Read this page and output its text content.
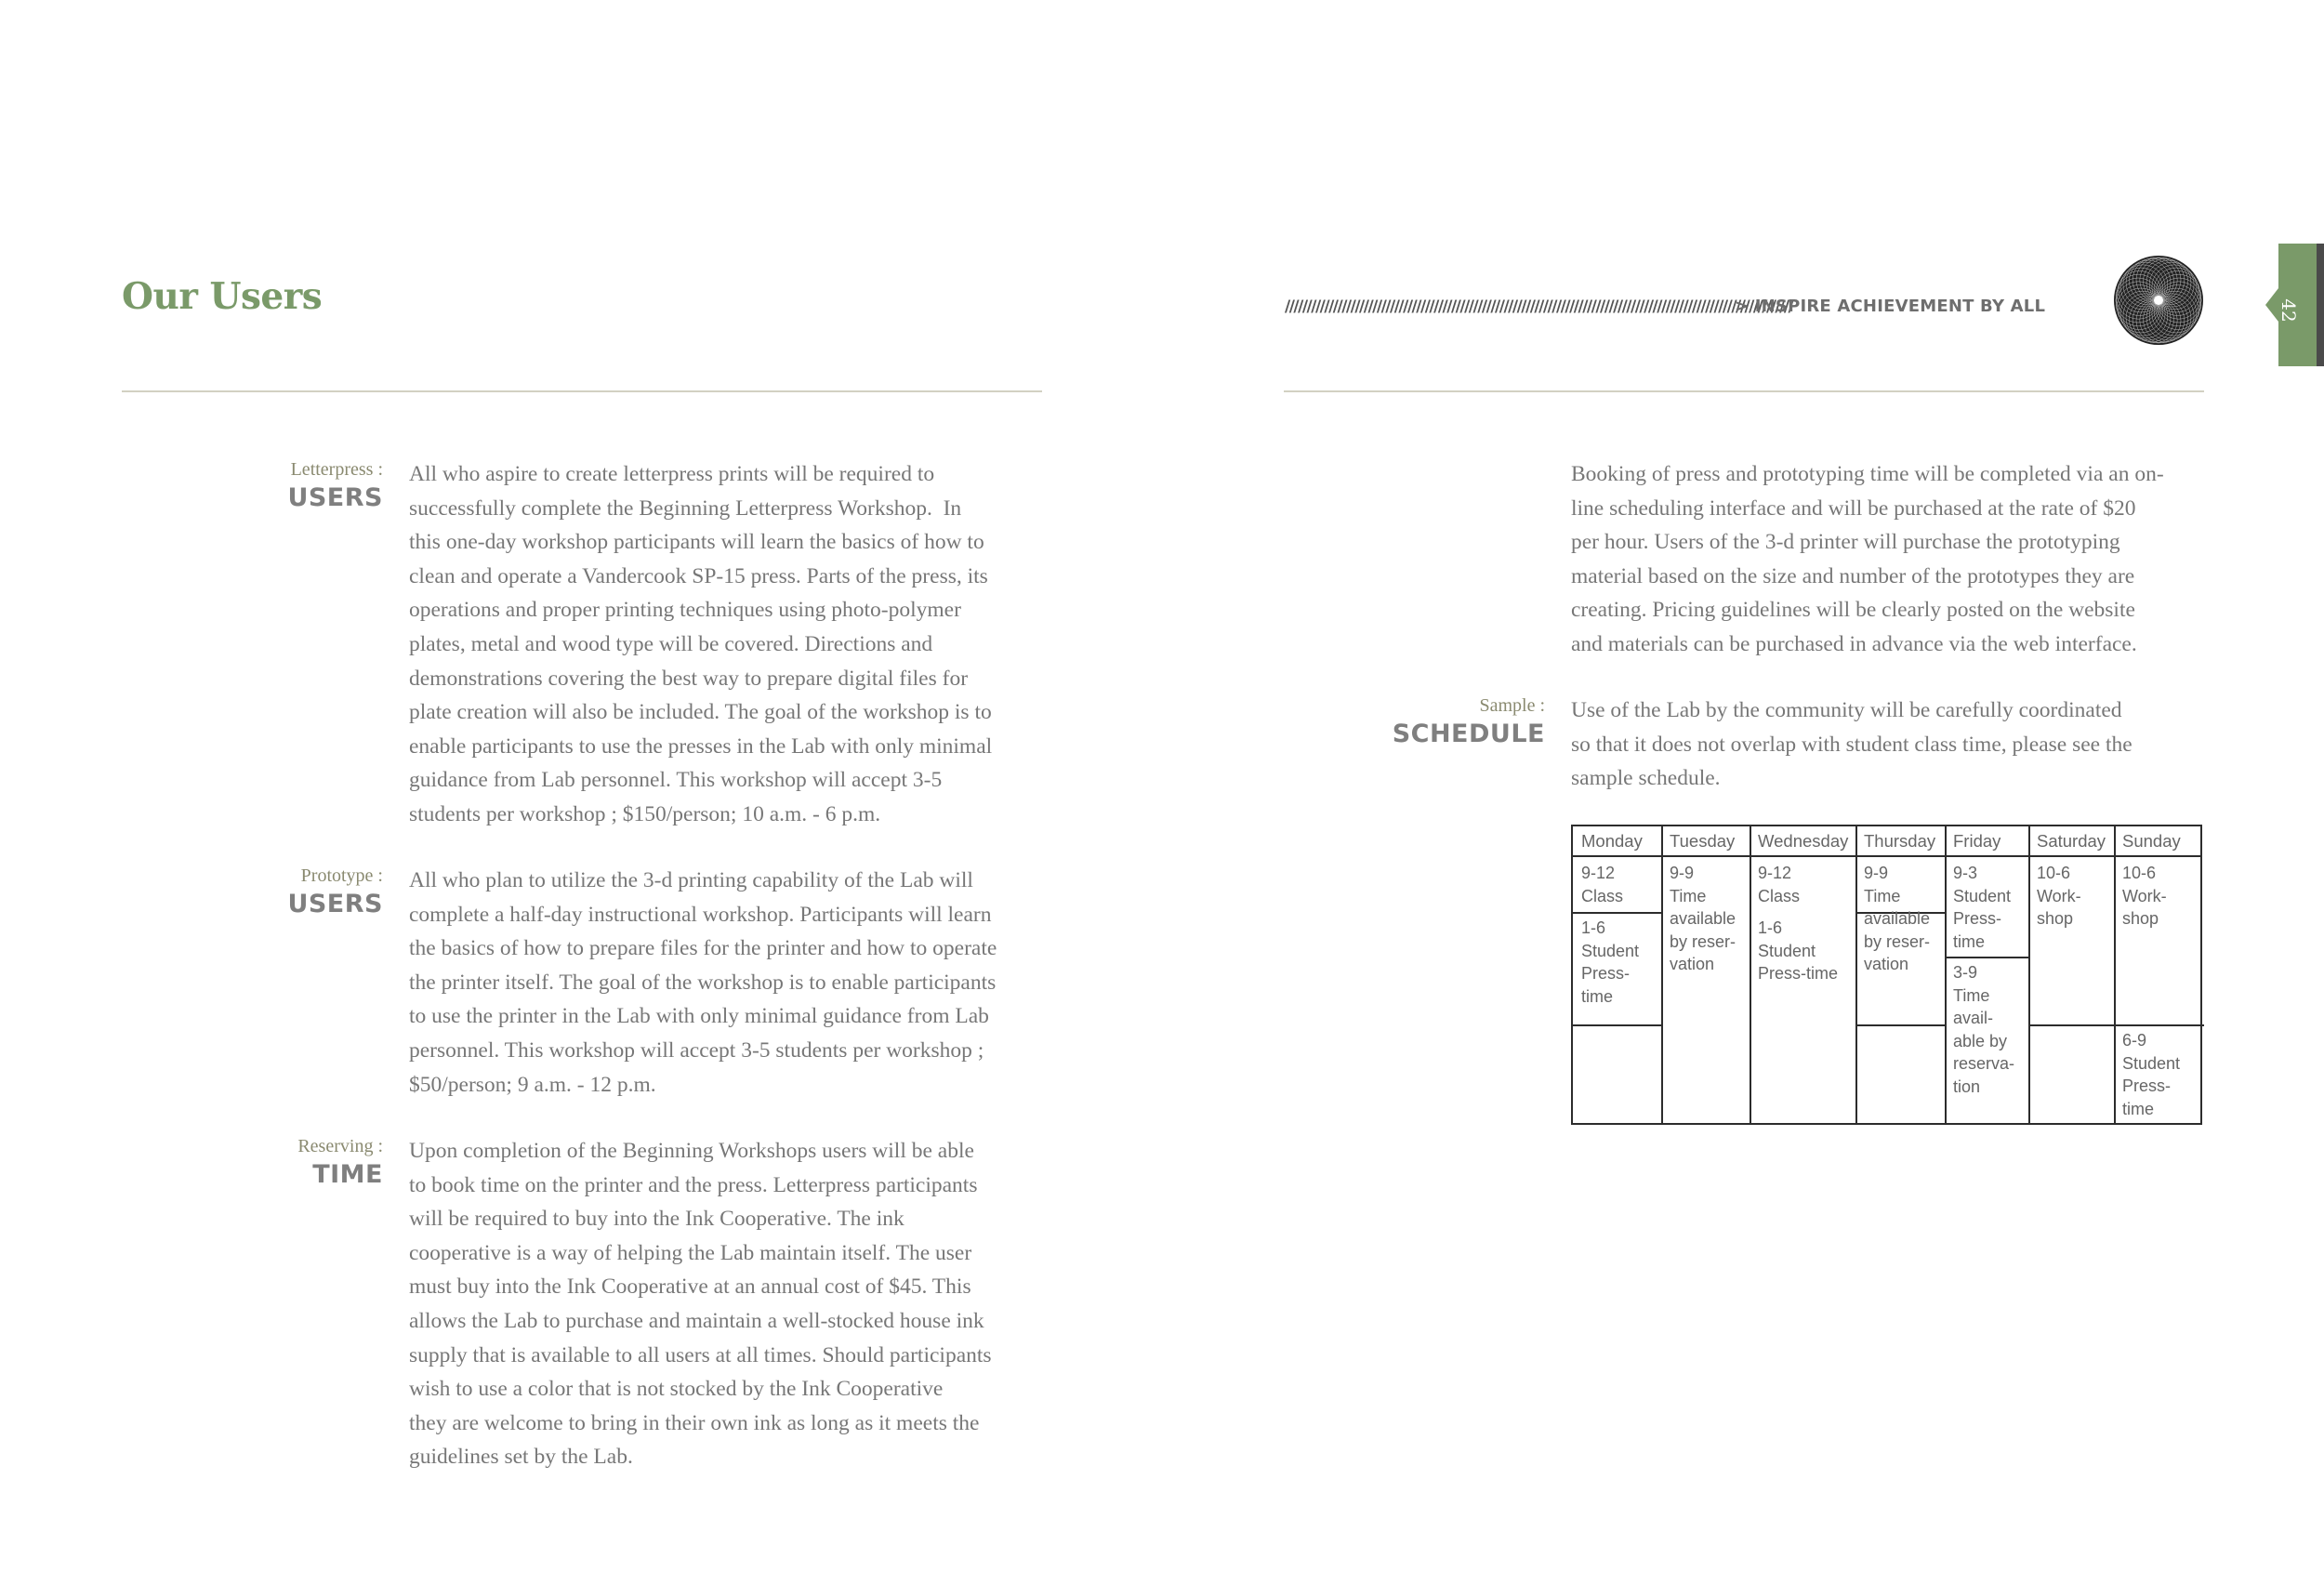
Our Users	////////////////////////////////////////////////////////////////////////////////////////////////////////////////////
> INSPIRE ACHIEVEMENT BY ALL	42
Letterpress :
USERS
All who aspire to create letterpress prints will be required to
successfully complete the Beginning Letterpress Workshop.  In
this one-day workshop participants will learn the basics of how to
clean and operate a Vandercook SP-15 press. Parts of the press, its
operations and proper printing techniques using photo-polymer
plates, metal and wood type will be covered. Directions and
demonstrations covering the best way to prepare digital files for
plate creation will also be included. The goal of the workshop is to
enable participants to use the presses in the Lab with only minimal
guidance from Lab personnel. This workshop will accept 3-5
students per workshop ; $150/person; 10 a.m. - 6 p.m.
Prototype :
USERS
All who plan to utilize the 3-d printing capability of the Lab will
complete a half-day instructional workshop. Participants will learn
the basics of how to prepare files for the printer and how to operate
the printer itself. The goal of the workshop is to enable participants
to use the printer in the Lab with only minimal guidance from Lab
personnel. This workshop will accept 3-5 students per workshop ;
$50/person; 9 a.m. - 12 p.m.
Reserving :
TIME
Upon completion of the Beginning Workshops users will be able
to book time on the printer and the press. Letterpress participants
will be required to buy into the Ink Cooperative. The ink
cooperative is a way of helping the Lab maintain itself. The user
must buy into the Ink Cooperative at an annual cost of $45. This
allows the Lab to purchase and maintain a well-stocked house ink
supply that is available to all users at all times. Should participants
wish to use a color that is not stocked by the Ink Cooperative
they are welcome to bring in their own ink as long as it meets the
guidelines set by the Lab.
Booking of press and prototyping time will be completed via an on-
line scheduling interface and will be purchased at the rate of $20
per hour. Users of the 3-d printer will purchase the prototyping
material based on the size and number of the prototypes they are
creating. Pricing guidelines will be clearly posted on the website
and materials can be purchased in advance via the web interface.
Sample :
SCHEDULE
Use of the Lab by the community will be carefully coordinated
so that it does not overlap with student class time, please see the
sample schedule.
Monday Tuesday Wednesday Thursday Friday Saturday Sunday
9-12
Class
1-6
Student
Press-
time
9-9
Time
available
by reser-
vation
9-12
Class
1-6
Student
Press-time
9-9
Time
available
by reser-
vation
9-3
Student
Press-
time
3-9
Time
avail-
able by
reserva-
tion
10-6
Work-
shop
10-6
Work-
shop
6-9
Student
Press-
time
